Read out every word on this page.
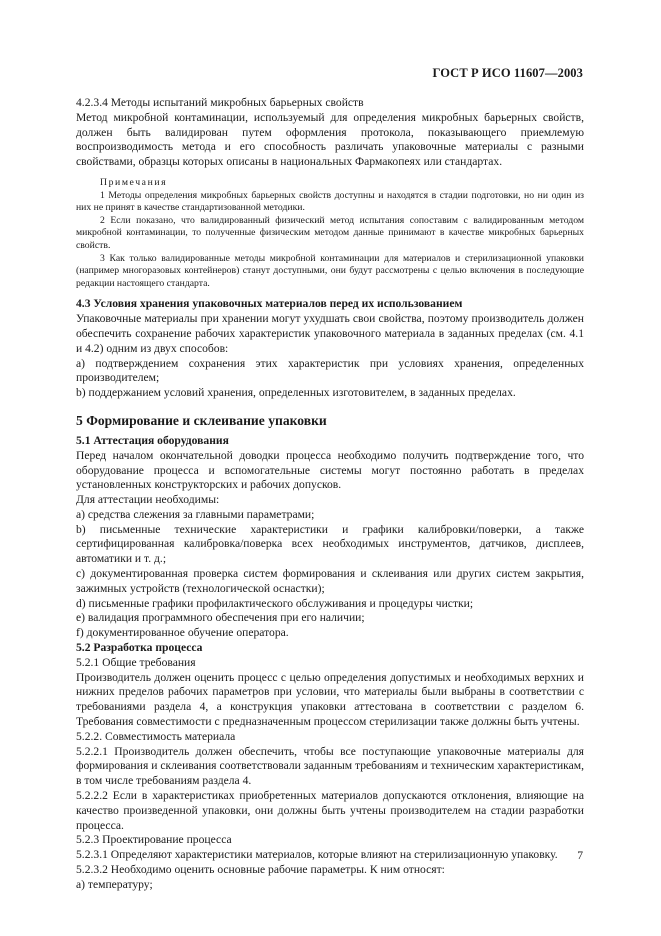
ГОСТ Р ИСО 11607—2003

4.2.3.4 Методы испытаний микробных барьерных свойств

Метод микробной контаминации, используемый для определения микробных барьерных свойств, должен быть валидирован путем оформления протокола, показывающего приемлемую воспроизводимость метода и его способность различать упаковочные материалы с разными свойствами, образцы которых описаны в национальных Фармакопеях или стандартах.

Примечания

1 Методы определения микробных барьерных свойств доступны и находятся в стадии подготовки, но ни один из них не принят в качестве стандартизованной методики.

2 Если показано, что валидированный физический метод испытания сопоставим с валидированным методом микробной контаминации, то полученные физическим методом данные принимают в качестве микробных барьерных свойств.

3 Как только валидированные методы микробной контаминации для материалов и стерилизационной упаковки (например многоразовых контейнеров) станут доступными, они будут рассмотрены с целью включения в последующие редакции настоящего стандарта.

4.3 Условия хранения упаковочных материалов перед их использованием

Упаковочные материалы при хранении могут ухудшать свои свойства, поэтому производитель должен обеспечить сохранение рабочих характеристик упаковочного материала в заданных пределах (см. 4.1 и 4.2) одним из двух способов:

а) подтверждением сохранения этих характеристик при условиях хранения, определенных производителем;

b) поддержанием условий хранения, определенных изготовителем, в заданных пределах.

5 Формирование и склеивание упаковки

5.1 Аттестация оборудования

Перед началом окончательной доводки процесса необходимо получить подтверждение того, что оборудование процесса и вспомогательные системы могут постоянно работать в пределах установленных конструкторских и рабочих допусков.

Для аттестации необходимы:

а) средства слежения за главными параметрами;

b) письменные технические характеристики и графики калибровки/поверки, а также сертифицированная калибровка/поверка всех необходимых инструментов, датчиков, дисплеев, автоматики и т. д.;

c) документированная проверка систем формирования и склеивания или других систем закрытия, зажимных устройств (технологической оснастки);

d) письменные графики профилактического обслуживания и процедуры чистки;

e) валидация программного обеспечения при его наличии;

f) документированное обучение оператора.

5.2 Разработка процесса

5.2.1 Общие требования

Производитель должен оценить процесс с целью определения допустимых и необходимых верхних и нижних пределов рабочих параметров при условии, что материалы были выбраны в соответствии с требованиями раздела 4, а конструкция упаковки аттестована в соответствии с разделом 6. Требования совместимости с предназначенным процессом стерилизации также должны быть учтены.

5.2.2. Совместимость материала

5.2.2.1 Производитель должен обеспечить, чтобы все поступающие упаковочные материалы для формирования и склеивания соответствовали заданным требованиям и техническим характеристикам, в том числе требованиям раздела 4.

5.2.2.2 Если в характеристиках приобретенных материалов допускаются отклонения, влияющие на качество произведенной упаковки, они должны быть учтены производителем на стадии разработки процесса.

5.2.3 Проектирование процесса

5.2.3.1 Определяют характеристики материалов, которые влияют на стерилизационную упаковку.

5.2.3.2 Необходимо оценить основные рабочие параметры. К ним относят:

а) температуру;

7
